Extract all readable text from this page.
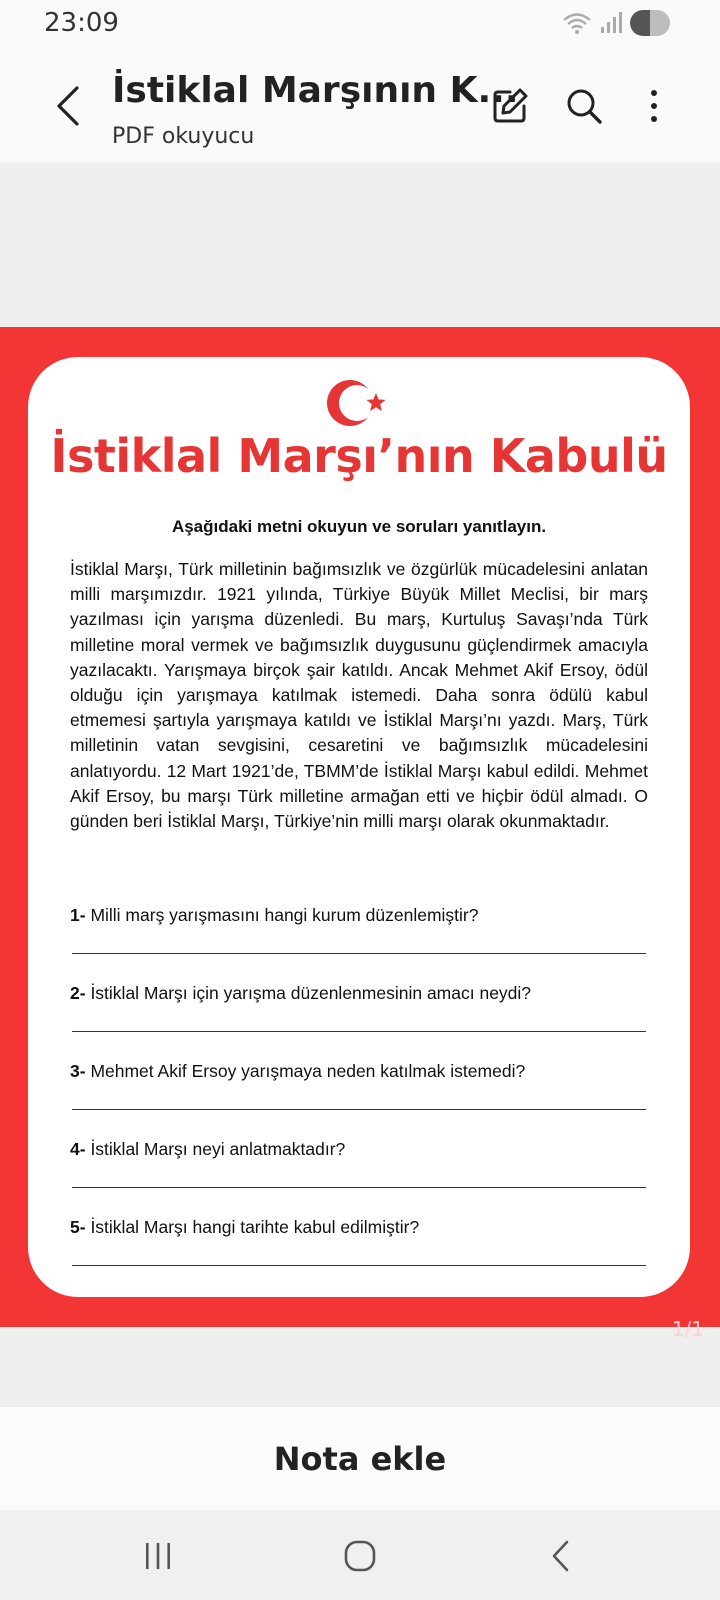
23:09
İstiklal Marşının K...
PDF okuyucu
İstiklal Marşı’nın Kabulü
Aşağıdaki metni okuyun ve soruları yanıtlayın.
İstiklal Marşı, Türk milletinin bağımsızlık ve özgürlük mücadelesini anlatan milli marşımızdır. 1921 yılında, Türkiye Büyük Millet Meclisi, bir marş yazılması için yarışma düzenledi. Bu marş, Kurtuluş Savaşı’nda Türk milletine moral vermek ve bağımsızlık duygusunu güçlendirmek amacıyla yazılacaktı. Yarışmaya birçok şair katıldı. Ancak Mehmet Akif Ersoy, ödül olduğu için yarışmaya katılmak istemedi. Daha sonra ödülü kabul etmemesi şartıyla yarışmaya katıldı ve İstiklal Marşı’nı yazdı. Marş, Türk milletinin vatan sevgisini, cesaretini ve bağımsızlık mücadelesini anlatıyordu. 12 Mart 1921’de, TBMM’de İstiklal Marşı kabul edildi. Mehmet Akif Ersoy, bu marşı Türk milletine armağan etti ve hiçbir ödül almadı. O günden beri İstiklal Marşı, Türkiye’nin milli marşı olarak okunmaktadır.
1- Milli marş yarışmasını hangi kurum düzenlemiştir?
2- İstiklal Marşı için yarışma düzenlenmesinin amacı neydi?
3- Mehmet Akif Ersoy yarışmaya neden katılmak istemedi?
4- İstiklal Marşı neyi anlatmaktadır?
5- İstiklal Marşı hangi tarihte kabul edilmiştir?
1/1
Nota ekle
